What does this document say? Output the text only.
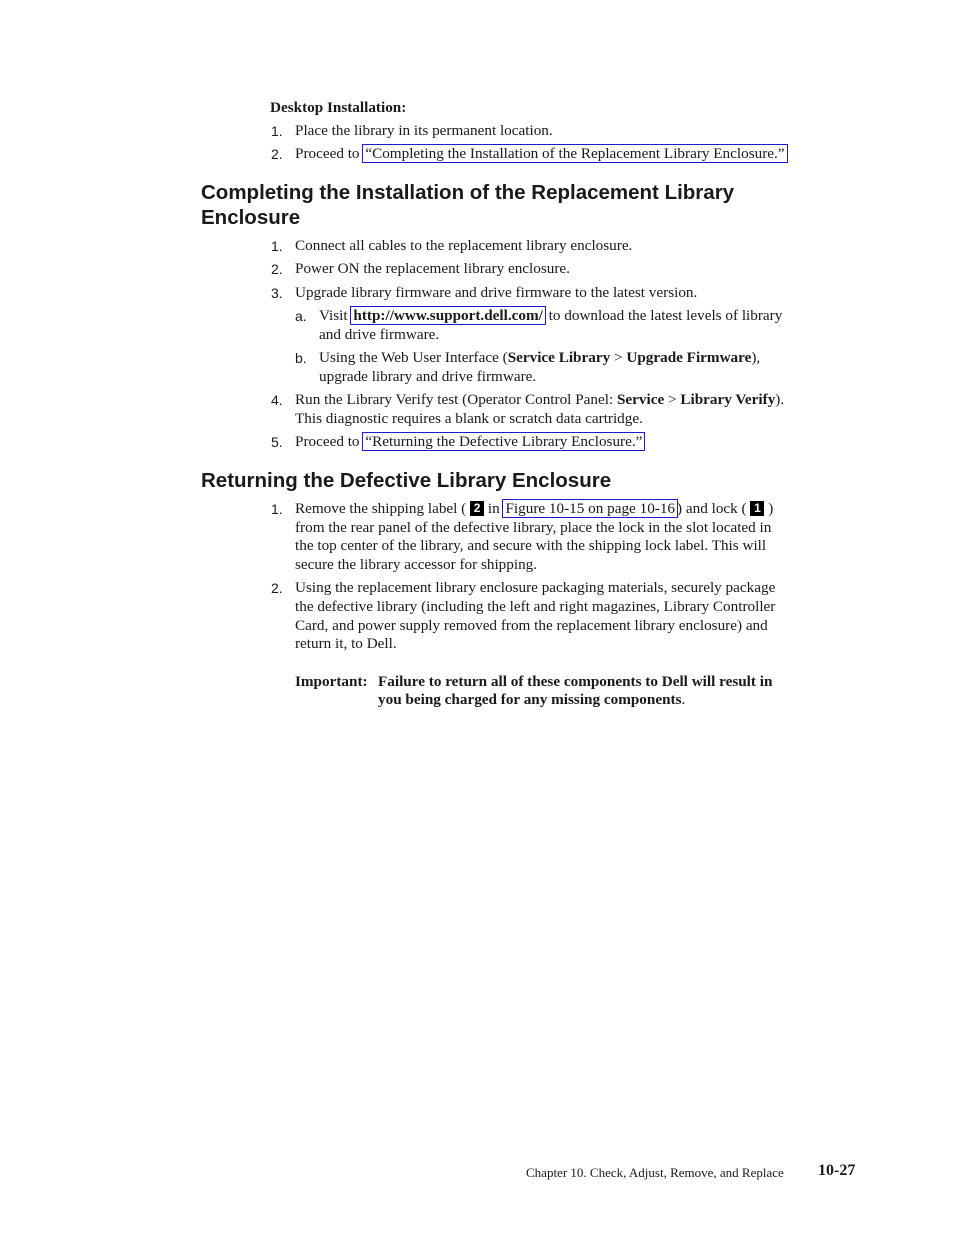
Desktop Installation:
1. Place the library in its permanent location.
2. Proceed to “Completing the Installation of the Replacement Library Enclosure.”
Completing the Installation of the Replacement Library
Enclosure
1. Connect all cables to the replacement library enclosure.
2. Power ON the replacement library enclosure.
3. Upgrade library firmware and drive firmware to the latest version.
a. Visit http://www.support.dell.com/ to download the latest levels of library
and drive firmware.
b. Using the Web User Interface (Service Library > Upgrade Firmware),
upgrade library and drive firmware.
4. Run the Library Verify test (Operator Control Panel: Service > Library Verify).
This diagnostic requires a blank or scratch data cartridge.
5. Proceed to “Returning the Defective Library Enclosure.”
Returning the Defective Library Enclosure
1. Remove the shipping label ( 2 in Figure 10-15 on page 10-16 ) and lock ( 1 )
from the rear panel of the defective library, place the lock in the slot located in
the top center of the library, and secure with the shipping lock label. This will
secure the library accessor for shipping.
2. Using the replacement library enclosure packaging materials, securely package
the defective library (including the left and right magazines, Library Controller
Card, and power supply removed from the replacement library enclosure) and
return it, to Dell.
Important: Failure to return all of these components to Dell will result in
you being charged for any missing components.
Chapter 10. Check, Adjust, Remove, and Replace 10-27
